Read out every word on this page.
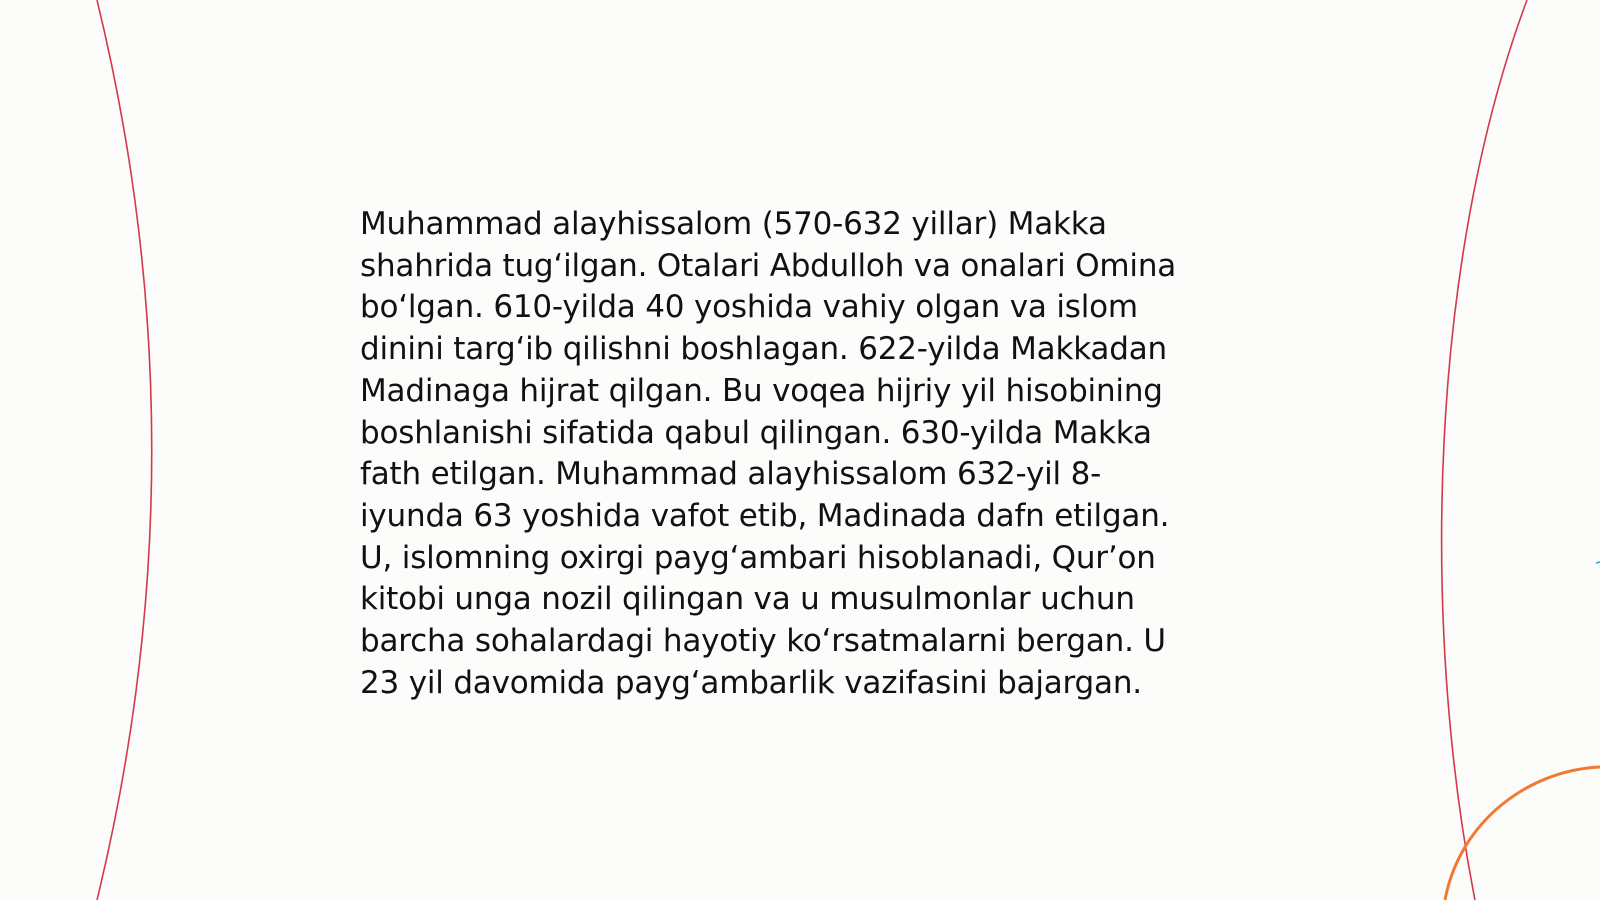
Muhammad alayhissalom (570-632 yillar) Makka
shahrida tug‘ilgan. Otalari Abdulloh va onalari Omina
bo‘lgan. 610-yilda 40 yoshida vahiy olgan va islom
dinini targ‘ib qilishni boshlagan. 622-yilda Makkadan
Madinaga hijrat qilgan. Bu voqea hijriy yil hisobining
boshlanishi sifatida qabul qilingan. 630-yilda Makka
fath etilgan. Muhammad alayhissalom 632-yil 8-
iyunda 63 yoshida vafot etib, Madinada dafn etilgan.
U, islomning oxirgi payg‘ambari hisoblanadi, Qur’on
kitobi unga nozil qilingan va u musulmonlar uchun
barcha sohalardagi hayotiy ko‘rsatmalarni bergan. U
23 yil davomida payg‘ambarlik vazifasini bajargan.
